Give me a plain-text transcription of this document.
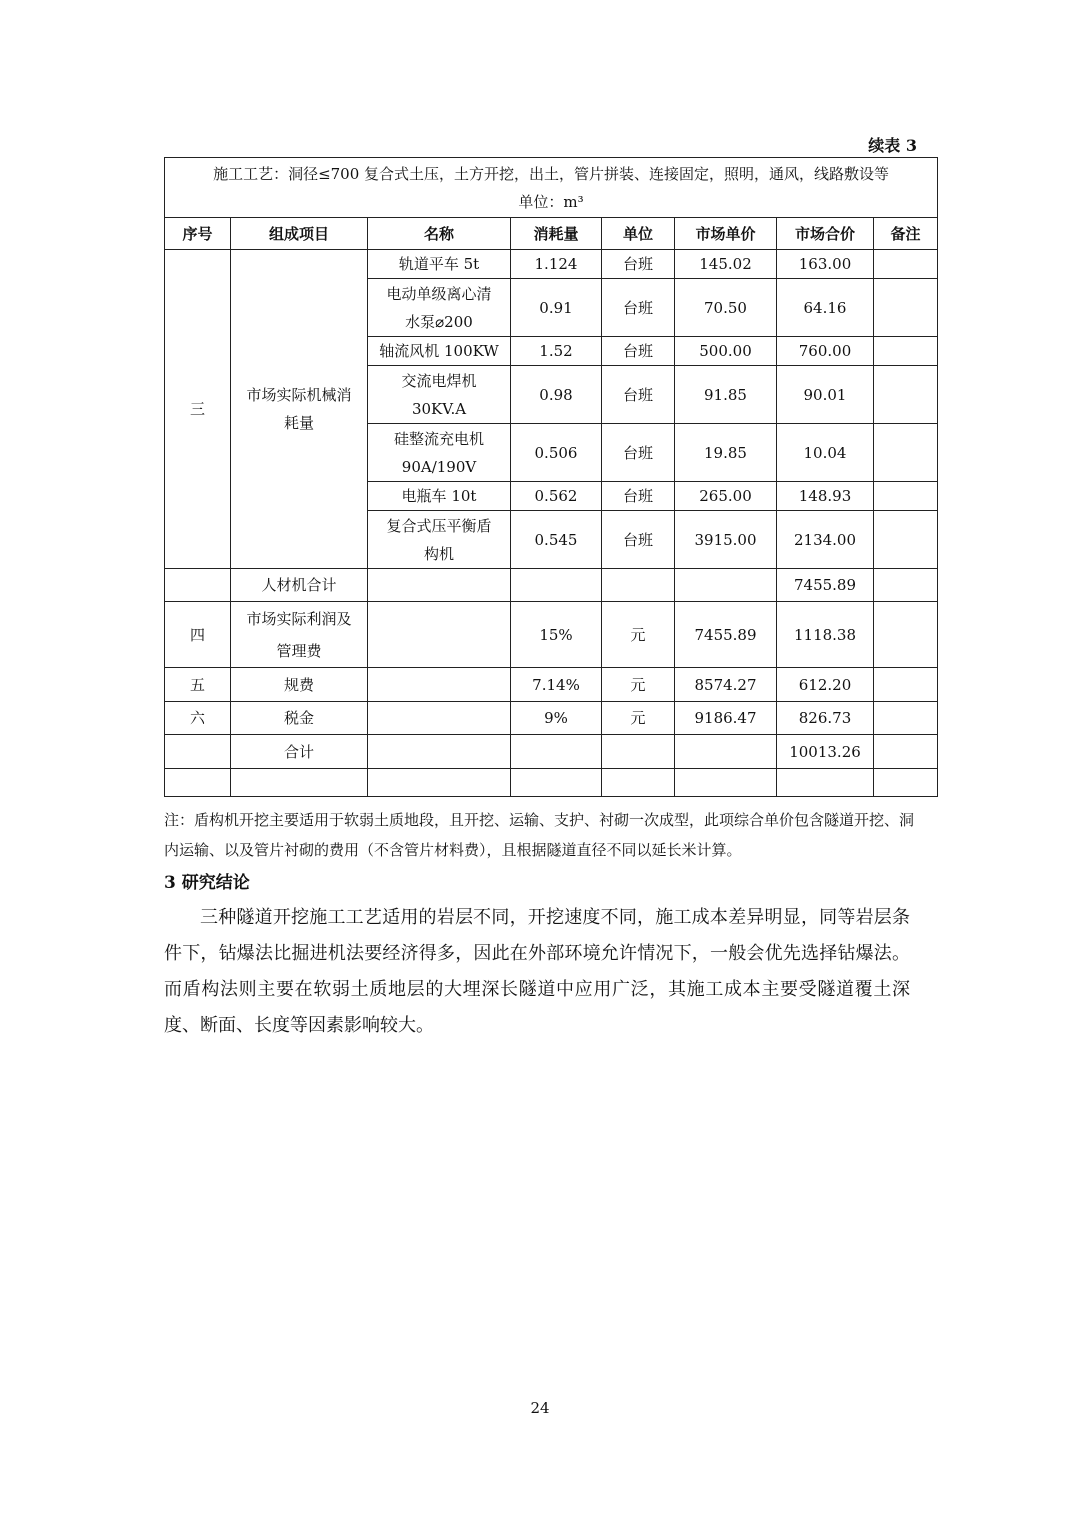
续表 3
施工工艺：洞径≤700 复合式土压，土方开挖，出土，管片拼装、连接固定，照明，通风，线路敷设等
单位：m³							

序号	组成项目	名称	消耗量	单位	市场单价	市场合价	备注
三	市场实际机械消耗量	轨道平车 5t	1.124	台班	145.02	163.00	
		电动单级离心清水泵⌀200	0.91	台班	70.50	64.16	
		轴流风机 100KW	1.52	台班	500.00	760.00	
		交流电焊机 30KV.A	0.98	台班	91.85	90.01	
		硅整流充电机 90A/190V	0.506	台班	19.85	10.04	
		电瓶车 10t	0.562	台班	265.00	148.93	
		复合式压平衡盾构机	0.545	台班	3915.00	2134.00	
	人材机合计					7455.89	
四	市场实际利润及管理费		15%	元	7455.89	1118.38	
五	规费		7.14%	元	8574.27	612.20	
六	税金		9%	元	9186.47	826.73	
	合计					10013.26	

注：盾构机开挖主要适用于软弱土质地段，且开挖、运输、支护、衬砌一次成型，此项综合单价包含隧道开挖、洞内运输、以及管片衬砌的费用（不含管片材料费），且根据隧道直径不同以延长米计算。
3 研究结论
三种隧道开挖施工工艺适用的岩层不同，开挖速度不同，施工成本差异明显，同等岩层条件下，钻爆法比掘进机法要经济得多，因此在外部环境允许情况下，一般会优先选择钻爆法。而盾构法则主要在软弱土质地层的大埋深长隧道中应用广泛，其施工成本主要受隧道覆土深度、断面、长度等因素影响较大。
24
